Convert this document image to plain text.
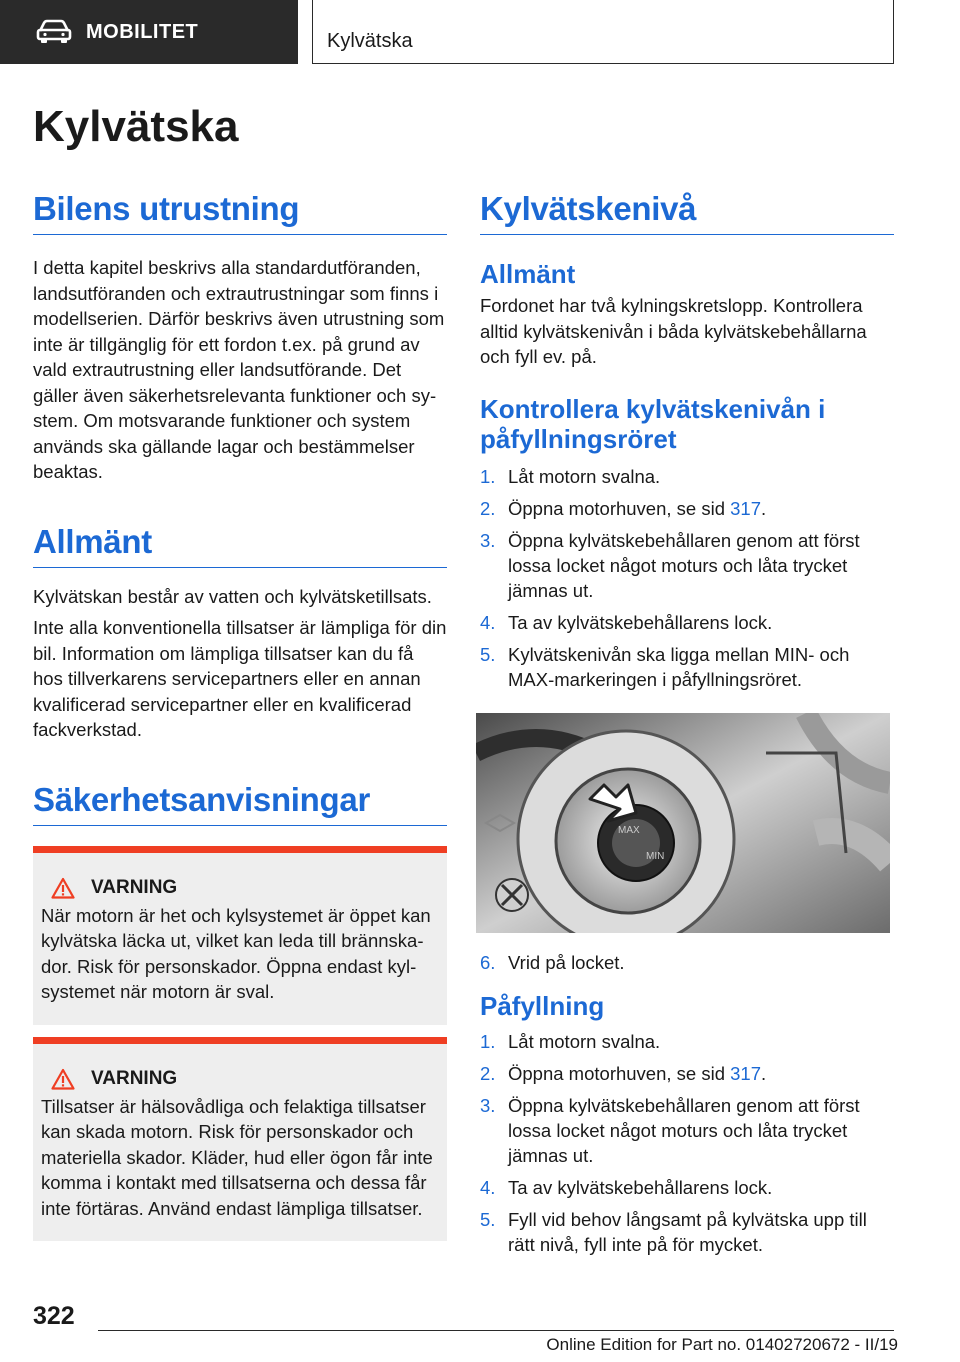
MOBILITET	Kylvätska
Kylvätska
Bilens utrustning

I detta kapitel beskrivs alla standardutföranden, landsutföranden och extrautrustningar som finns i modellserien. Därför beskrivs även utrustning som inte är tillgänglig för ett fordon t.ex. på grund av vald extrautrustning eller landsutförande. Det gäller även säkerhetsrelevanta funktioner och system. Om motsvarande funktioner och system används ska gällande lagar och bestämmelser beaktas.

Allmänt

Kylvätskan består av vatten och kylvätsketillsats.

Inte alla konventionella tillsatser är lämpliga för din bil. Information om lämpliga tillsatser kan du få hos tillverkarens servicepartners eller en annan kvalificerad servicepartner eller en kvalificerad fackverkstad.

Säkerhetsanvisningar
VARNING

När motorn är het och kylsystemet är öppet kan kylvätska läcka ut, vilket kan leda till brännskador. Risk för personskador. Öppna endast kylsystemet när motorn är sval.

VARNING

Tillsatser är hälsovådliga och felaktiga tillsatser kan skada motorn. Risk för personskador och materiella skador. Kläder, hud eller ögon får inte komma i kontakt med tillsatserna och dessa får inte förtäras. Använd endast lämpliga tillsatser.

Kylvätskenivå
Allmänt

Fordonet har två kylningskretslopp. Kontrollera alltid kylvätskenivån i båda kylvätskebehållarna och fyll ev. på.

Kontrollera kylvätskenivån i påfyllningsröret
1. Låt motorn svalna.
2. Öppna motorhuven, se sid 317.
3. Öppna kylvätskebehållaren genom att först lossa locket något moturs och låta trycket jämnas ut.
4. Ta av kylvätskebehållarens lock.
5. Kylvätskenivån ska ligga mellan MIN- och MAX-markeringen i påfyllningsröret.
MAX
MIN
6. Vrid på locket.
Påfyllning
1. Låt motorn svalna.
2. Öppna motorhuven, se sid 317.
3. Öppna kylvätskebehållaren genom att först lossa locket något moturs och låta trycket jämnas ut.
4. Ta av kylvätskebehållarens lock.
5. Fyll vid behov långsamt på kylvätska upp till rätt nivå, fyll inte på för mycket.
322
Online Edition for Part no. 01402720672 - II/19
